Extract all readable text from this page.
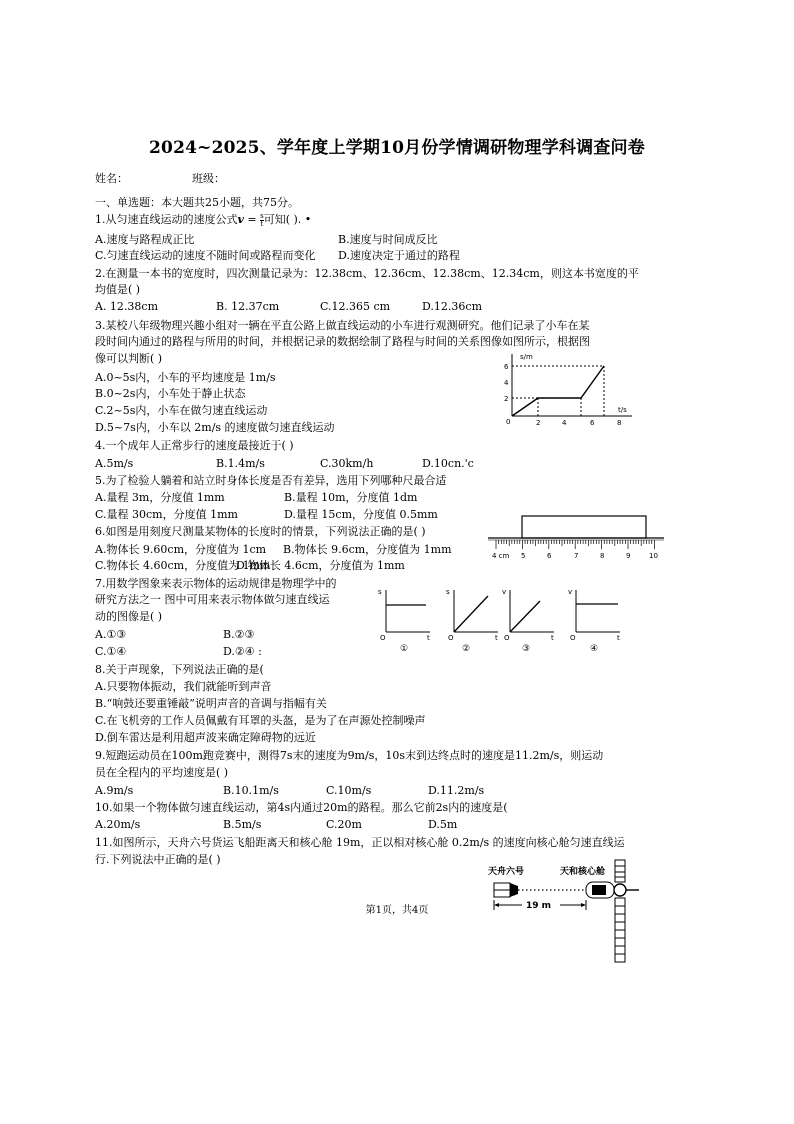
2024~2025、学年度上学期10月份学情调研物理学科调查问卷
姓名：	班级：
一、单选题：本大题共25小题，共75分。
1.从匀速直线运动的速度公式$v = \frac{s}{t}$ 可知( ). •
A.速度与路程成正比	B.速度与时间成反比
C.匀速直线运动的速度不随时间或路程而变化 D.速度决定于通过的路程
2.在测量一本书的宽度时，四次测量记录为：12.38cm、12.36cm、12.38cm、12.34cm，则这本书宽度的平
均值是( )
A. 12.38cm	B. 12.37cm	C.12.365 cm	D.12.36cm
3.某校八年级物理兴趣小组对一辆在平直公路上做直线运动的小车进行观测研究。他们记录了小车在某
段时间内通过的路程与所用的时间，并根据记录的数据绘制了路程与时间的关系图像如图所示，根据图
像可以判断( )
A.0~5s内，小车的平均速度是 1m/s
B.0~2s内，小车处于静止状态
C.2~5s内，小车在做匀速直线运动
D.5~7s内，小车以 2m/s 的速度做匀速直线运动
s/m
t/s
0
2
4
6
2	4	6	8
4.一个成年人正常步行的速度最接近于( )
A.5m/s	B.1.4m/s	C.30km/h	D.10cn.'c
5.为了检验人躺着和站立时身体长度是否有差异，选用下列哪种尺最合适
A.量程 3m，分度值 1mm	B.量程 10m，分度值 1dm
C.量程 30cm，分度值 1mm	D.量程 15cm，分度值 0.5mm
6.如图是用刻度尺测量某物体的长度时的情景，下列说法正确的是( )
A.物体长 9.60cm，分度值为 1cm B.物体长 9.6cm，分度值为 1mm
C.物体长 4.60cm，分度值为 1mm
D.物体长 4.6cm，分度值为 1mm
4 cm 5	6	7	8	9	10
7.用数学图象来表示物体的运动规律是物理学中的
研究方法之一 图中可用来表示物体做匀速直线运
动的图像是( )
A.①③	B.②③
C.①④	D.②④ :
s	s	v	v
O	O	O	O
t	t	t	t
①	②	③	④
8.关于声现象，下列说法正确的是(
A.只要物体振动，我们就能听到声音
B.“响鼓还要重锤敲”说明声音的音调与指幅有关
C.在飞机旁的工作人员佩戴有耳罩的头盔，是为了在声源处控制噪声
D.倒车雷达是利用超声波来确定障碍物的远近
9.短跑运动员在100m跑竞赛中，测得7s末的速度为9m/s，10s末到达终点时的速度是11.2m/s，则运动
员在全程内的平均速度是( )
A.9m/s	B.10.1m/s	C.10m/s	D.11.2m/s
10.如果一个物体做匀速直线运动，第4s内通过20m的路程。那么它前2s内的速度是(
A.20m/s	B.5m/s	C.20m	D.5m
11.如图所示，天舟六号货运飞船距离天和核心舱 19m，正以相对核心舱 0.2m/s 的速度向核心舱匀速直线运
行.下列说法中正确的是( )
天舟六号	天和核心舱
19 m
第1页，共4页
